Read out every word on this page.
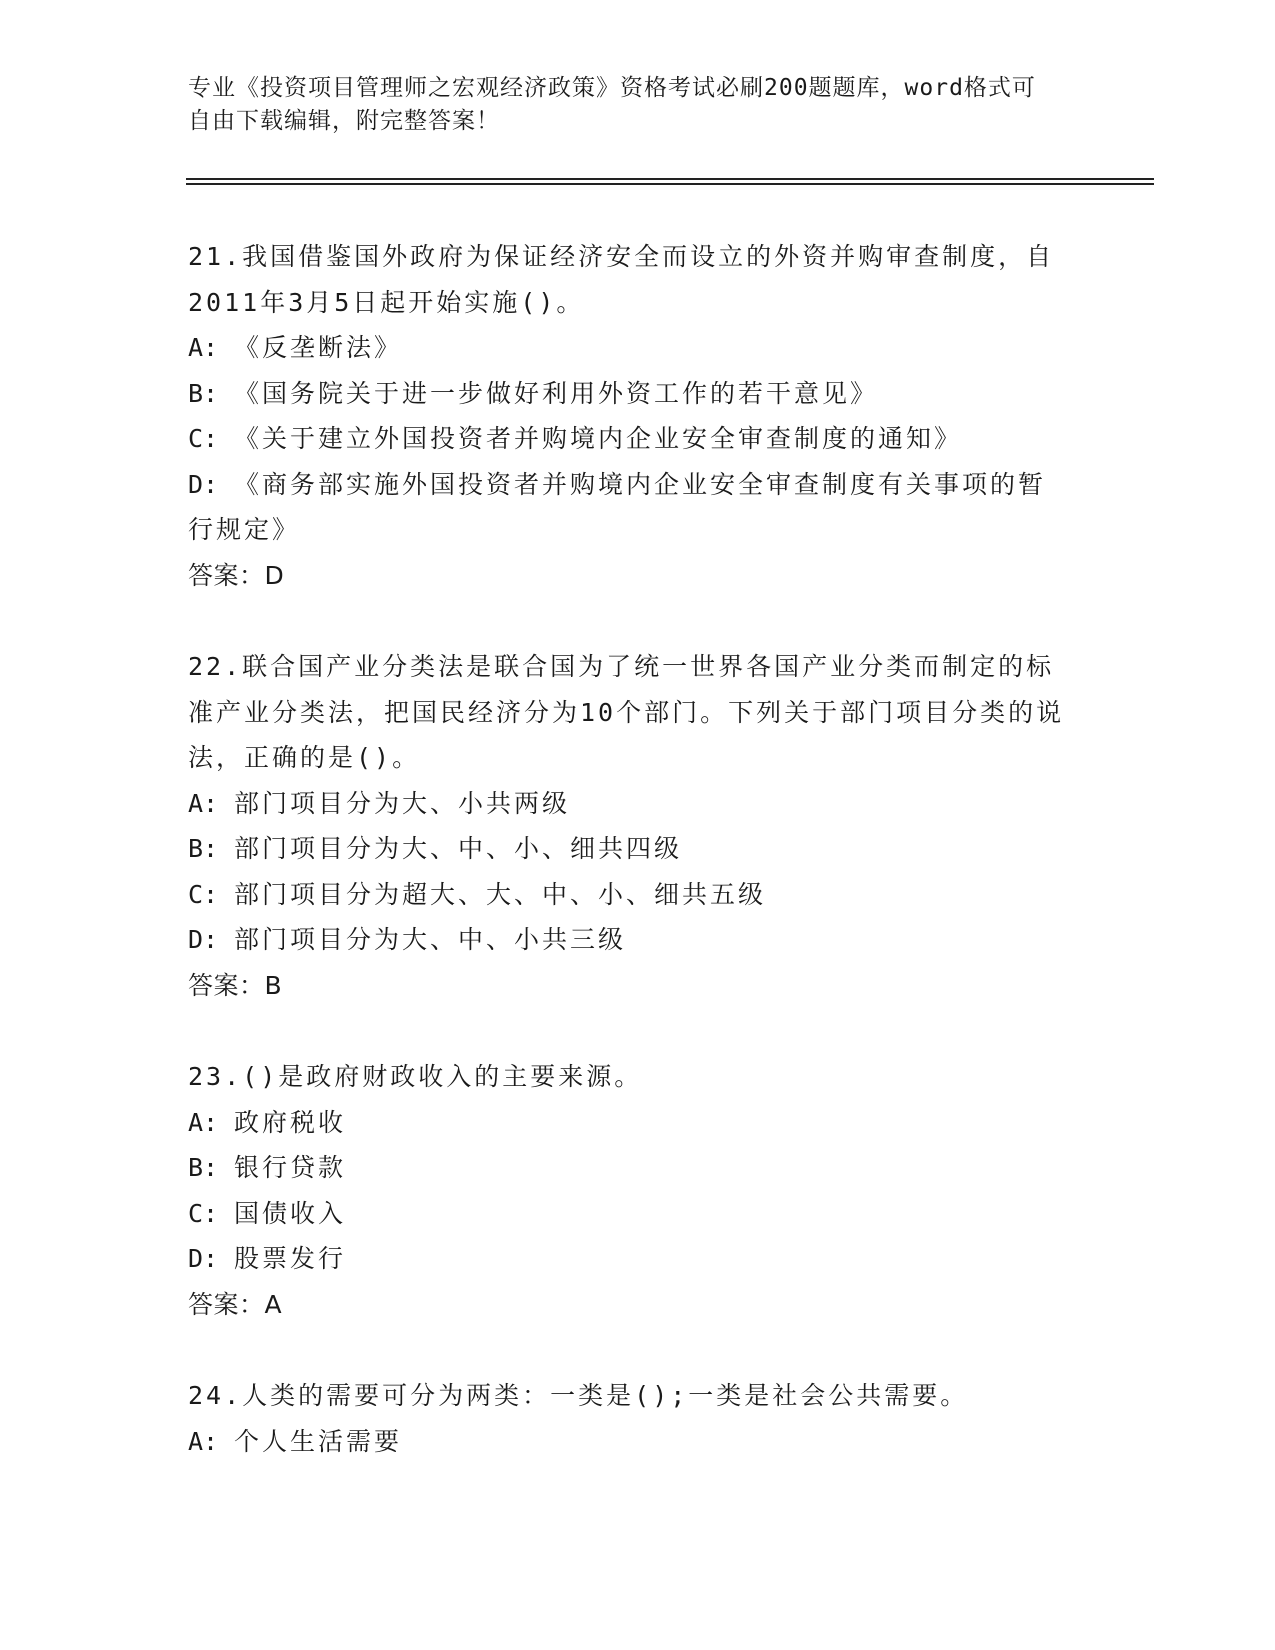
专业《投资项目管理师之宏观经济政策》资格考试必刷200题题库，word格式可
自由下载编辑，附完整答案！

21.我国借鉴国外政府为保证经济安全而设立的外资并购审查制度，自2011年3月5日起开始实施()。

A: 《反垄断法》

B: 《国务院关于进一步做好利用外资工作的若干意见》

C: 《关于建立外国投资者并购境内企业安全审查制度的通知》

D: 《商务部实施外国投资者并购境内企业安全审查制度有关事项的暂行规定》

答案：D

22.联合国产业分类法是联合国为了统一世界各国产业分类而制定的标准产业分类法，把国民经济分为10个部门。下列关于部门项目分类的说法，正确的是()。

A: 部门项目分为大、小共两级

B: 部门项目分为大、中、小、细共四级

C: 部门项目分为超大、大、中、小、细共五级

D: 部门项目分为大、中、小共三级

答案：B

23.()是政府财政收入的主要来源。

A: 政府税收

B: 银行贷款

C: 国债收入

D: 股票发行

答案：A

24.人类的需要可分为两类：一类是();一类是社会公共需要。

A: 个人生活需要
